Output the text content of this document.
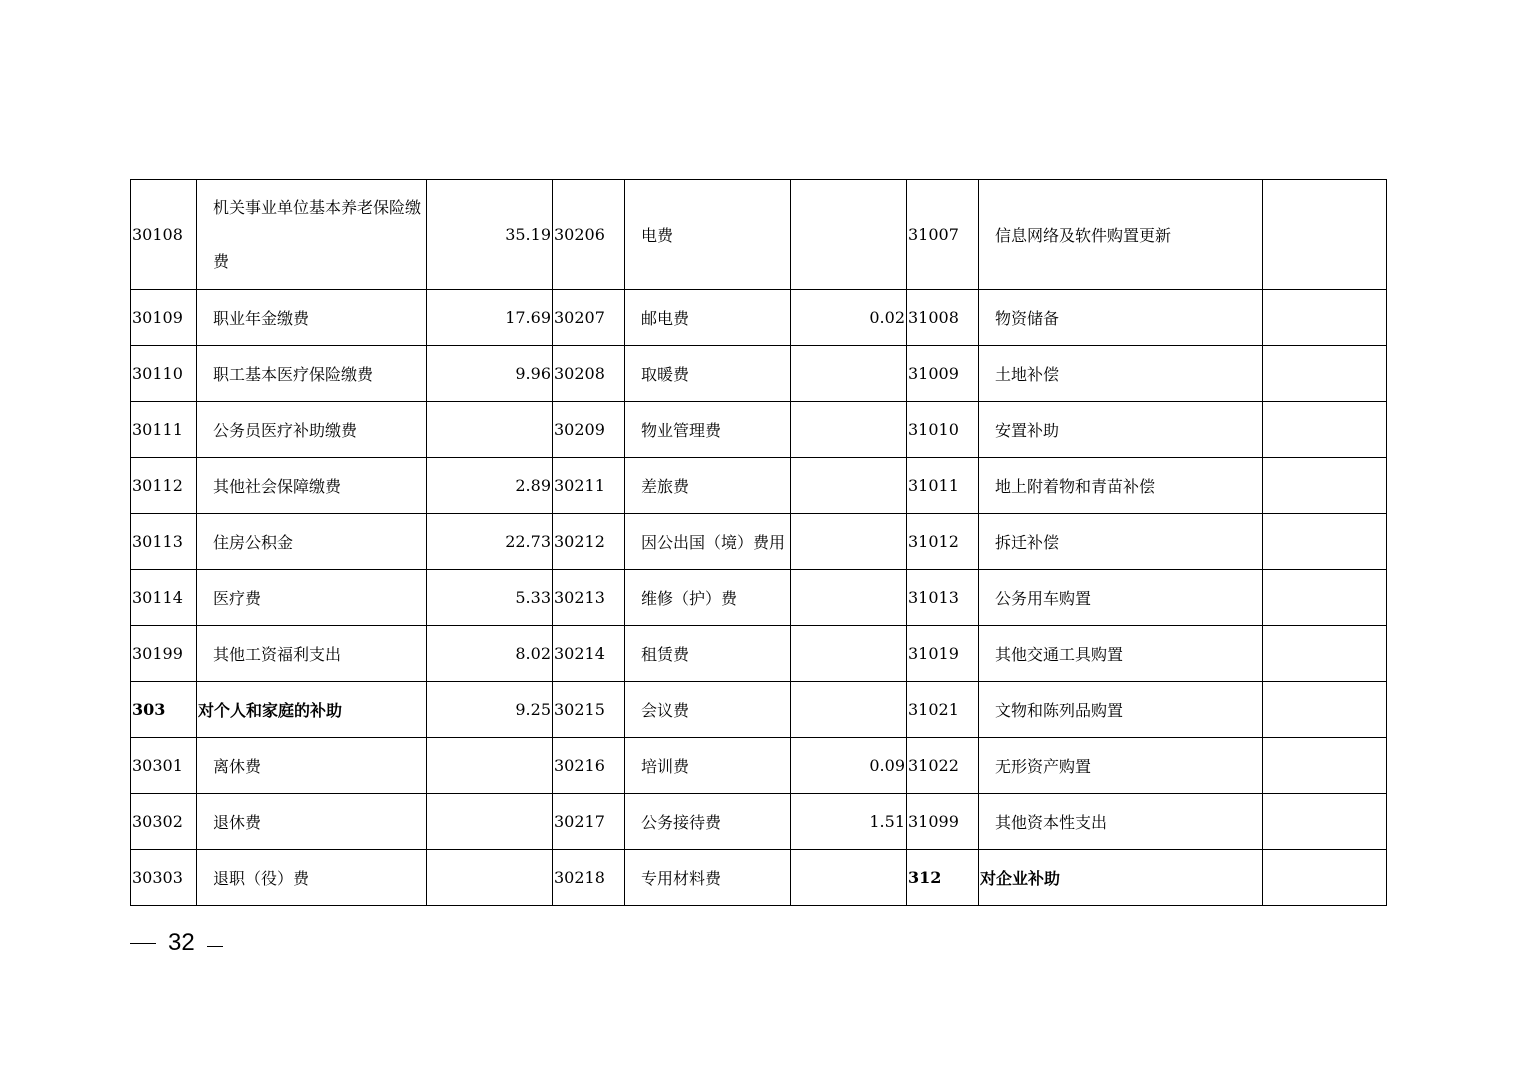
30108	机关事业单位基本养老保险缴费	35.19	30206	电费		31007	信息网络及软件购置更新	
30109	职业年金缴费	17.69	30207	邮电费	0.02	31008	物资储备	
30110	职工基本医疗保险缴费	9.96	30208	取暖费		31009	土地补偿	
30111	公务员医疗补助缴费		30209	物业管理费		31010	安置补助	
30112	其他社会保障缴费	2.89	30211	差旅费		31011	地上附着物和青苗补偿	
30113	住房公积金	22.73	30212	因公出国（境）费用		31012	拆迁补偿	
30114	医疗费	5.33	30213	维修（护）费		31013	公务用车购置	
30199	其他工资福利支出	8.02	30214	租赁费		31019	其他交通工具购置	
303	对个人和家庭的补助	9.25	30215	会议费		31021	文物和陈列品购置	
30301	离休费		30216	培训费	0.09	31022	无形资产购置	
30302	退休费		30217	公务接待费	1.51	31099	其他资本性支出	
30303	退职（役）费		30218	专用材料费		312	对企业补助	
32
